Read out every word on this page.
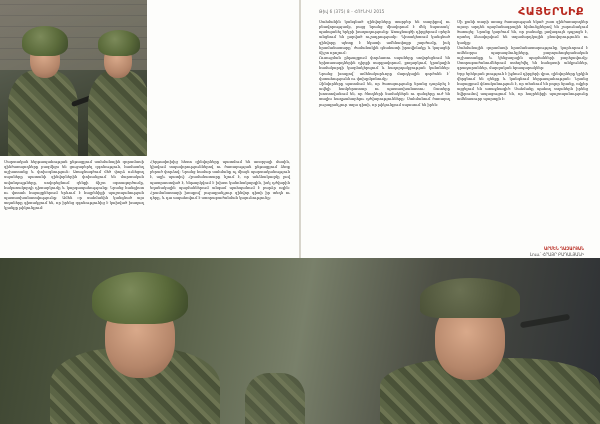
Թիվ 6 (375) 8 - ՀՈՒՆԻՍ 2015	ՀԱՅԵՐՆԻՔ
Մարտական հերթապահության ընթացքում սահմանային զորամասի զինծառայողները բազմիցս են ցուցաբերել զգոնություն, համատեղ աշխատանք և փոխօգնություն: Առաջնագծում մեծ փորձ ունեցող սպաները պատանի զինվորներին փոխանցում են մարտական ավանդույթները, սովորեցնում զենքի ճիշտ օգտագործումը, հակառակորդի դիտարկումը և կարգապահությունը: Նրանց հանգիստ ու վստահ հայացքներում երևում է հայրենիքի պաշտպանության պատասխանատվությունը: Ամեն օր սահմանին կանգնած այս տղաները գիտակցում են, որ իրենց զգոնությունից է կախված խաղաղ կյանքը թիկունքում:
Հերթափոխից հետո զինվորները պատմում են առօրյայի մասին, կիսվում տպավորություններով ու ծառայության ընթացքում ձեռք բերած փորձով: Նրանց համար սահմանը ոչ միայն պարտականություն է, այլև պատիվ: Հրամանատարը նշում է, որ անձնակազմը լավ պատրաստված է, ենթարկվում է խիստ կանոնակարգին, իսկ դժվարին եղանակային պայմաններում անգամ պահպանում է բարձր ոգին: Հրամանատարի խոսքով՝ յուրաքանչյուր զինվոր գիտի իր տեղն ու դերը, և դա ապահովում է ստորաբաժանման կայունությունը:
Սահմանին կանգնած զինվորները տարբեր են տարիքով ու բնավորությամբ, բայց նրանց միավորում է մեկ նպատակ՝ պահպանել երկրի խաղաղությունը: Առաջնագծի դիրքերում օրերն անցնում են լարված ուշադրությամբ: Դիտակետում կանգնած զինվորը պետք է նկատի ամենափոքր շարժումը, իսկ հրամանատարը՝ ժամանակին գնահատի իրավիճակը և կայացնի ճիշտ որոշում:
Ուսուցման ընթացքում փորձառու սպաները սովորեցնում են երիտասարդներին դիրքի սարքավորում, քողարկում, կրակային համակարգի կազմակերպում և հաղորդակցության կանոններ: Նրանց խոսքով՝ ամենակարևորը մարդկային գործոնն է՝ վստահությունն ու փոխըմբռնումը:
Զինվորները պատմում են, որ ծառայությունը նրանց դարձրել է ավելի համբերատար ու պատասխանատու: Շատերը խոստովանում են, որ ծնողների նամակներն ու զանգերը ուժ են տալիս հաղթահարելու դժվարությունները: Սահմանում ծառայող յուրաքանչյուր տղա գիտի, որ թիկունքում սպասում են իրեն:
Մի քանի տարի առաջ ծառայության եկած շատ զինծառայողներ այսօր արդեն պայմանագրային հիմունքներով են շարունակում ծառայել: Նրանք կարծում են, որ բանակը լավագույն դպրոցն է, որտեղ ձևավորվում են տղամարդկային բնավորությունն ու կամքը:
Սահմանային զորամասի հրամանատարությունը կարևորում է ամենօրյա պարապմունքները, բարոյահոգեբանական աշխատանքը և կենցաղային պայմանների բարելավումը: Ստորաբաժանումներում ստեղծվել են հանգստի անկյուններ, գրադարաններ, մարզական հրապարակներ:
Երբ երեկոյան լռություն է իջնում դիրքերի վրա, զինվորները կրկին վերցնում են զենքը և կանգնում հերթապահության: Նրանց հայացքում վճռականություն է, որ տեսնում են բոլոր նրանք, ովքեր այցելում են առաջնագիծ: Սահմանը պահող տղաներն իրենց նվիրումով ապացուցում են, որ հայրենիքի պաշտպանությունը ամենասուրբ պարտքն է:
ԱՐՄԵՆ ՂԱԶԱՐՅԱՆ
Լուս.՝ ՀՐԱՅՐ ԲԱԴԱԼՅԱՆԻ
